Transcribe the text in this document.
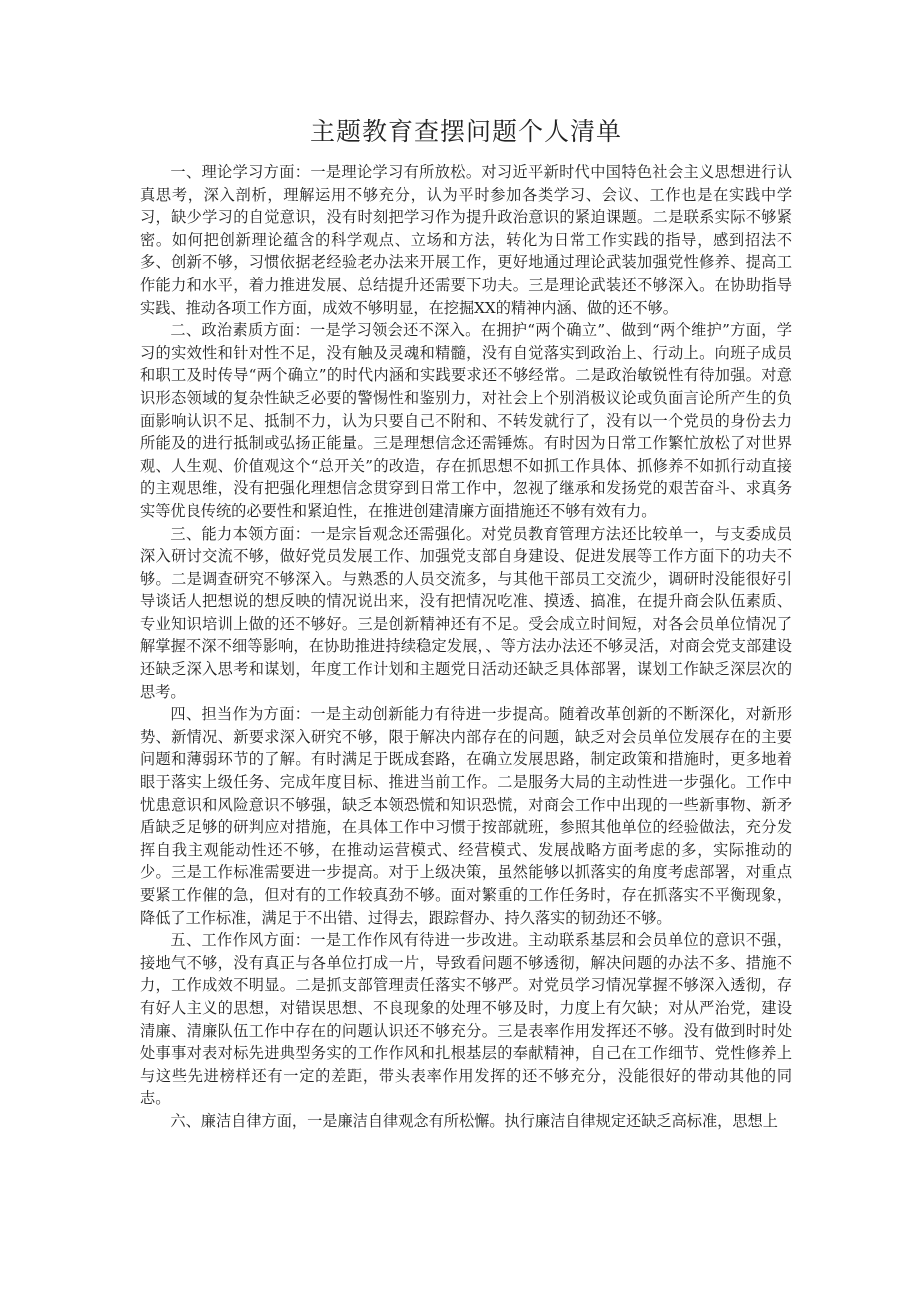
主题教育查摆问题个人清单

一、理论学习方面：一是理论学习有所放松。对习近平新时代中国特色社会主义思想进行认真思考，深入剖析，理解运用不够充分，认为平时参加各类学习、会议、工作也是在实践中学习，缺少学习的自觉意识，没有时刻把学习作为提升政治意识的紧迫课题。二是联系实际不够紧密。如何把创新理论蕴含的科学观点、立场和方法，转化为日常工作实践的指导，感到招法不多、创新不够，习惯依据老经验老办法来开展工作，更好地通过理论武装加强党性修养、提高工作能力和水平，着力推进发展、总结提升还需要下功夫。三是理论武装还不够深入。在协助指导实践、推动各项工作方面，成效不够明显，在挖掘XX的精神内涵、做的还不够。

二、政治素质方面：一是学习领会还不深入。在拥护“两个确立”、做到“两个维护”方面，学习的实效性和针对性不足，没有触及灵魂和精髓，没有自觉落实到政治上、行动上。向班子成员和职工及时传导“两个确立”的时代内涵和实践要求还不够经常。二是政治敏锐性有待加强。对意识形态领域的复杂性缺乏必要的警惕性和鉴别力，对社会上个别消极议论或负面言论所产生的负面影响认识不足、抵制不力，认为只要自己不附和、不转发就行了，没有以一个党员的身份去力所能及的进行抵制或弘扬正能量。三是理想信念还需锤炼。有时因为日常工作繁忙放松了对世界观、人生观、价值观这个“总开关”的改造，存在抓思想不如抓工作具体、抓修养不如抓行动直接的主观思维，没有把强化理想信念贯穿到日常工作中，忽视了继承和发扬党的艰苦奋斗、求真务实等优良传统的必要性和紧迫性，在推进创建清廉方面措施还不够有效有力。

三、能力本领方面：一是宗旨观念还需强化。对党员教育管理方法还比较单一，与支委成员深入研讨交流不够，做好党员发展工作、加强党支部自身建设、促进发展等工作方面下的功夫不够。二是调查研究不够深入。与熟悉的人员交流多，与其他干部员工交流少，调研时没能很好引导谈话人把想说的想反映的情况说出来，没有把情况吃准、摸透、搞准，在提升商会队伍素质、专业知识培训上做的还不够好。三是创新精神还有不足。受会成立时间短，对各会员单位情况了解掌握不深不细等影响，在协助推进持续稳定发展，、等方法办法还不够灵活，对商会党支部建设还缺乏深入思考和谋划，年度工作计划和主题党日活动还缺乏具体部署，谋划工作缺乏深层次的思考。

四、担当作为方面：一是主动创新能力有待进一步提高。随着改革创新的不断深化，对新形势、新情况、新要求深入研究不够，限于解决内部存在的问题，缺乏对会员单位发展存在的主要问题和薄弱环节的了解。有时满足于既成套路，在确立发展思路，制定政策和措施时，更多地着眼于落实上级任务、完成年度目标、推进当前工作。二是服务大局的主动性进一步强化。工作中忧患意识和风险意识不够强，缺乏本领恐慌和知识恐慌，对商会工作中出现的一些新事物、新矛盾缺乏足够的研判应对措施，在具体工作中习惯于按部就班，参照其他单位的经验做法，充分发挥自我主观能动性还不够，在推动运营模式、经营模式、发展战略方面考虑的多，实际推动的少。三是工作标准需要进一步提高。对于上级决策，虽然能够以抓落实的角度考虑部署，对重点要紧工作催的急，但对有的工作较真劲不够。面对繁重的工作任务时，存在抓落实不平衡现象，降低了工作标准，满足于不出错、过得去，跟踪督办、持久落实的韧劲还不够。

五、工作作风方面：一是工作作风有待进一步改进。主动联系基层和会员单位的意识不强，接地气不够，没有真正与各单位打成一片，导致看问题不够透彻，解决问题的办法不多、措施不力，工作成效不明显。二是抓支部管理责任落实不够严。对党员学习情况掌握不够深入透彻，存有好人主义的思想，对错误思想、不良现象的处理不够及时，力度上有欠缺；对从严治党，建设清廉、清廉队伍工作中存在的问题认识还不够充分。三是表率作用发挥还不够。没有做到时时处处事事对表对标先进典型务实的工作作风和扎根基层的奉献精神，自己在工作细节、党性修养上与这些先进榜样还有一定的差距，带头表率作用发挥的还不够充分，没能很好的带动其他的同志。

六、廉洁自律方面，一是廉洁自律观念有所松懈。执行廉洁自律规定还缺乏高标准，思想上
